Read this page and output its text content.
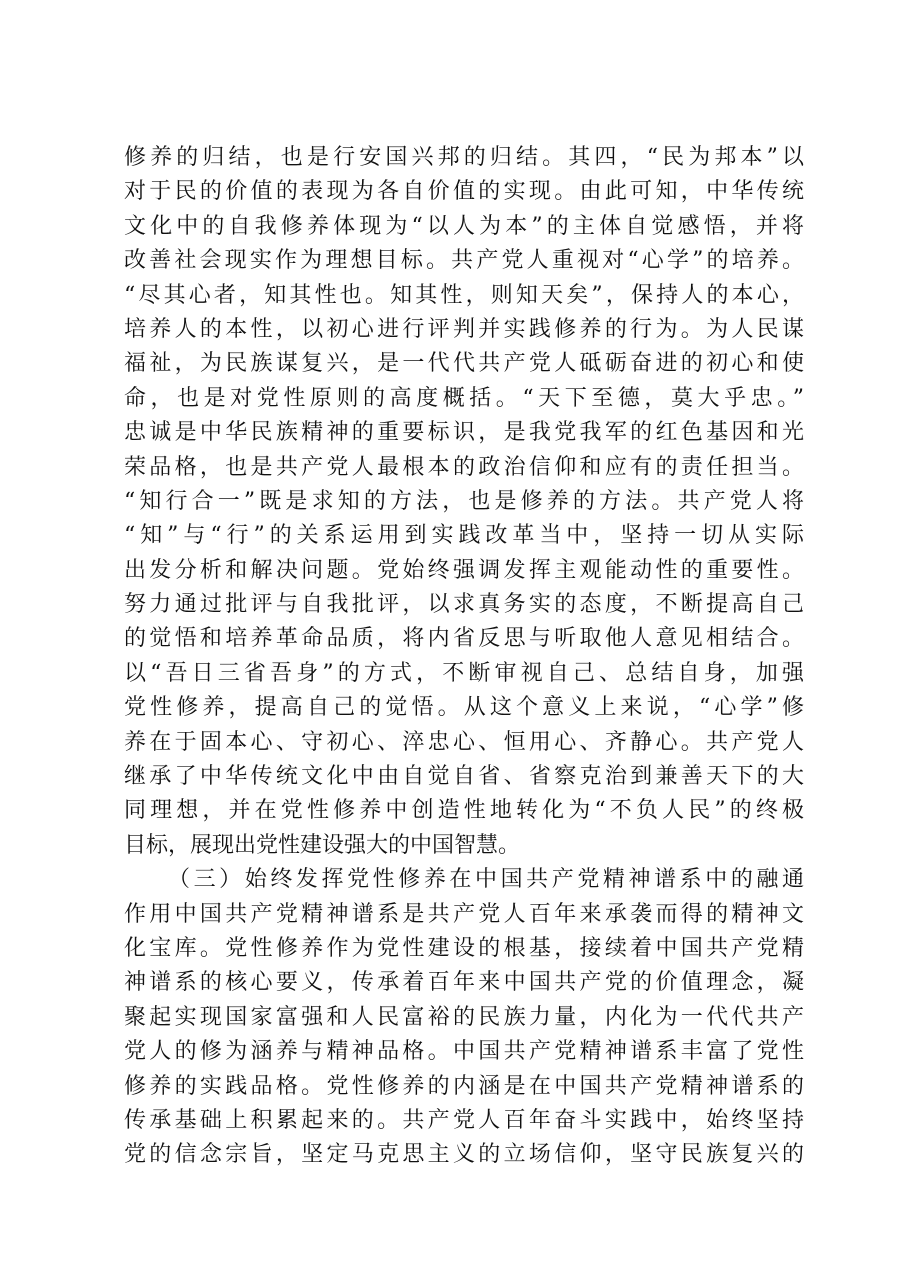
修养的归结，也是行安国兴邦的归结。其四，“民为邦本”以
对于民的价值的表现为各自价值的实现。由此可知，中华传统
文化中的自我修养体现为“以人为本”的主体自觉感悟，并将
改善社会现实作为理想目标。共产党人重视对“心学”的培养。
“尽其心者，知其性也。知其性，则知天矣”，保持人的本心，
培养人的本性，以初心进行评判并实践修养的行为。为人民谋
福祉，为民族谋复兴，是一代代共产党人砥砺奋进的初心和使
命，也是对党性原则的高度概括。“天下至德，莫大乎忠。”
忠诚是中华民族精神的重要标识，是我党我军的红色基因和光
荣品格，也是共产党人最根本的政治信仰和应有的责任担当。
“知行合一”既是求知的方法，也是修养的方法。共产党人将
“知”与“行”的关系运用到实践改革当中，坚持一切从实际
出发分析和解决问题。党始终强调发挥主观能动性的重要性。
努力通过批评与自我批评，以求真务实的态度，不断提高自己
的觉悟和培养革命品质，将内省反思与听取他人意见相结合。
以“吾日三省吾身”的方式，不断审视自己、总结自身，加强
党性修养，提高自己的觉悟。从这个意义上来说，“心学”修
养在于固本心、守初心、淬忠心、恒用心、齐静心。共产党人
继承了中华传统文化中由自觉自省、省察克治到兼善天下的大
同理想，并在党性修养中创造性地转化为“不负人民”的终极
目标，展现出党性建设强大的中国智慧。
（三）始终发挥党性修养在中国共产党精神谱系中的融通
作用中国共产党精神谱系是共产党人百年来承袭而得的精神文
化宝库。党性修养作为党性建设的根基，接续着中国共产党精
神谱系的核心要义，传承着百年来中国共产党的价值理念，凝
聚起实现国家富强和人民富裕的民族力量，内化为一代代共产
党人的修为涵养与精神品格。中国共产党精神谱系丰富了党性
修养的实践品格。党性修养的内涵是在中国共产党精神谱系的
传承基础上积累起来的。共产党人百年奋斗实践中，始终坚持
党的信念宗旨，坚定马克思主义的立场信仰，坚守民族复兴的
